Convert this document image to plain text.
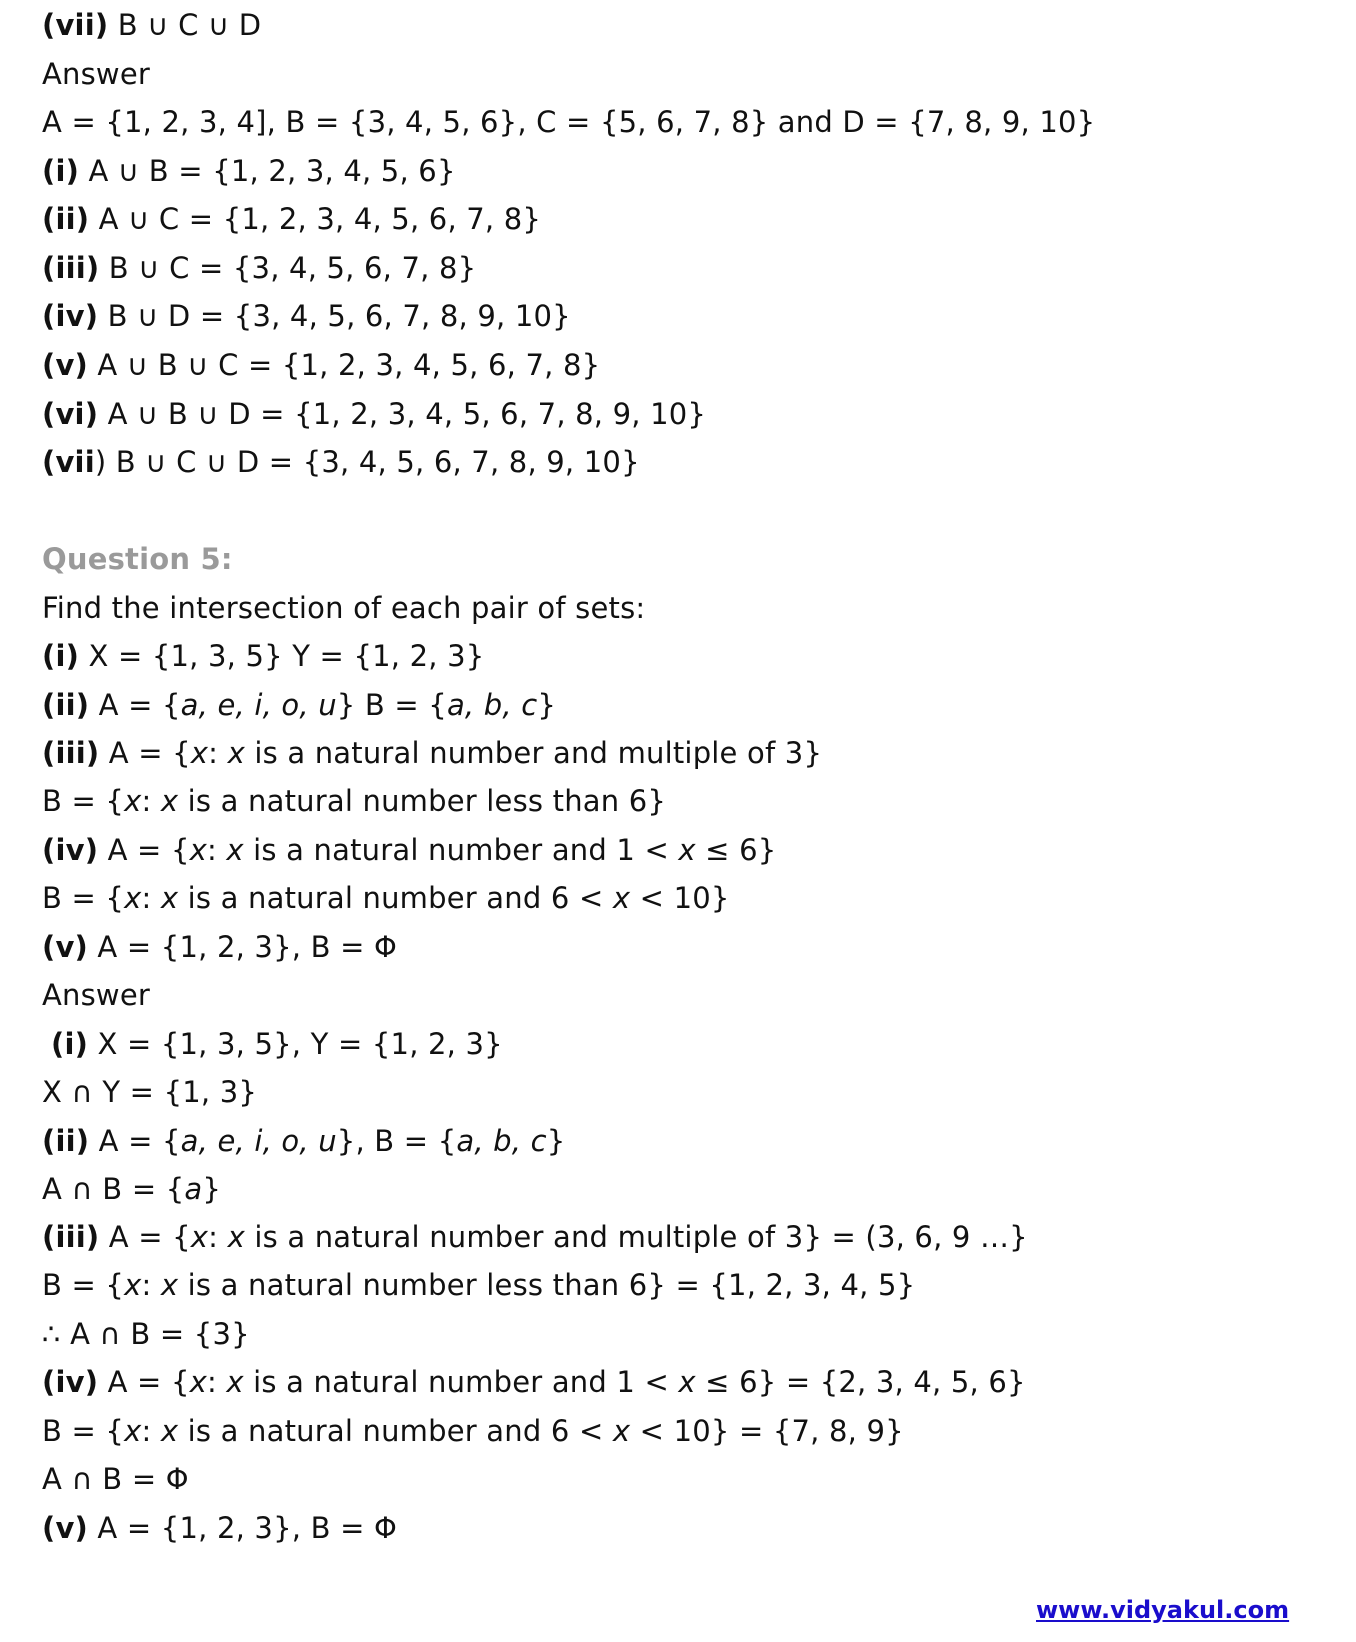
(vii) B ∪ C ∪ D
Answer
A = {1, 2, 3, 4], B = {3, 4, 5, 6}, C = {5, 6, 7, 8} and D = {7, 8, 9, 10}
(i) A ∪ B = {1, 2, 3, 4, 5, 6}
(ii) A ∪ C = {1, 2, 3, 4, 5, 6, 7, 8}
(iii) B ∪ C = {3, 4, 5, 6, 7, 8}
(iv) B ∪ D = {3, 4, 5, 6, 7, 8, 9, 10}
(v) A ∪ B ∪ C = {1, 2, 3, 4, 5, 6, 7, 8}
(vi) A ∪ B ∪ D = {1, 2, 3, 4, 5, 6, 7, 8, 9, 10}
(vii) B ∪ C ∪ D = {3, 4, 5, 6, 7, 8, 9, 10}
Question 5:
Find the intersection of each pair of sets:
(i) X = {1, 3, 5} Y = {1, 2, 3}
(ii) A = {a, e, i, o, u} B = {a, b, c}
(iii) A = {x: x is a natural number and multiple of 3}
B = {x: x is a natural number less than 6}
(iv) A = {x: x is a natural number and 1 < x ≤ 6}
B = {x: x is a natural number and 6 < x < 10}
(v) A = {1, 2, 3}, B = Φ
Answer
(i) X = {1, 3, 5}, Y = {1, 2, 3}
X ∩ Y = {1, 3}
(ii) A = {a, e, i, o, u}, B = {a, b, c}
A ∩ B = {a}
(iii) A = {x: x is a natural number and multiple of 3} = (3, 6, 9 …}
B = {x: x is a natural number less than 6} = {1, 2, 3, 4, 5}
∴ A ∩ B = {3}
(iv) A = {x: x is a natural number and 1 < x ≤ 6} = {2, 3, 4, 5, 6}
B = {x: x is a natural number and 6 < x < 10} = {7, 8, 9}
A ∩ B = Φ
(v) A = {1, 2, 3}, B = Φ
www.vidyakul.com
